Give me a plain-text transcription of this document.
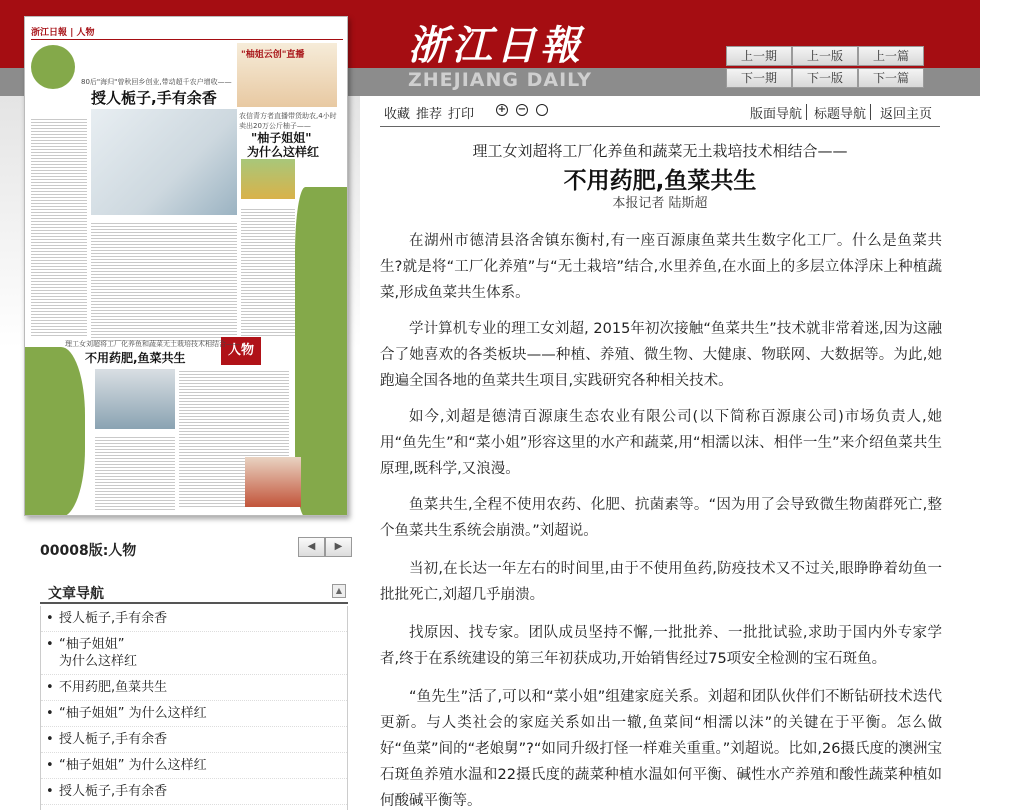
浙江日報
ZHEJIANG DAILY
上一期	上一版	上一篇
下一期	下一版	下一篇
浙江日報 | 人物
80后"海归"曾秋回乡创业,带动超千农户增收——
授人栀子,手有余香
"柚姐云创"直播
农信青方者直播带货助农,4小时卖出20万公斤柚子——
"柚子姐姐"
为什么这样红
人物
理工女刘超将工厂化养鱼和蔬菜无土栽培技术相结合——
不用药肥,鱼菜共生
00008版:人物	◀ ▶
文章导航	▲
• 授人栀子,手有余香
• “柚子姐姐”
为什么这样红
• 不用药肥,鱼菜共生
• “柚子姐姐” 为什么这样红
• 授人栀子,手有余香
• “柚子姐姐” 为什么这样红
• 授人栀子,手有余香
收藏 推荐 打印 + −	版面导航 标题导航 返回主页
理工女刘超将工厂化养鱼和蔬菜无土栽培技术相结合——
不用药肥,鱼菜共生
本报记者 陆斯超

在湖州市德清县洛舍镇东衡村,有一座百源康鱼菜共生数字化工厂。什么是鱼菜共生?就是将“工厂化养殖”与“无土栽培”结合,水里养鱼,在水面上的多层立体浮床上种植蔬菜,形成鱼菜共生体系。

学计算机专业的理工女刘超, 2015年初次接触“鱼菜共生”技术就非常着迷,因为这融合了她喜欢的各类板块——种植、养殖、微生物、大健康、物联网、大数据等。为此,她跑遍全国各地的鱼菜共生项目,实践研究各种相关技术。

如今,刘超是德清百源康生态农业有限公司(以下简称百源康公司)市场负责人,她用“鱼先生”和“菜小姐”形容这里的水产和蔬菜,用“相濡以沫、相伴一生”来介绍鱼菜共生原理,既科学,又浪漫。

鱼菜共生,全程不使用农药、化肥、抗菌素等。“因为用了会导致微生物菌群死亡,整个鱼菜共生系统会崩溃。”刘超说。

当初,在长达一年左右的时间里,由于不使用鱼药,防疫技术又不过关,眼睁睁着幼鱼一批批死亡,刘超几乎崩溃。

找原因、找专家。团队成员坚持不懈,一批批养、一批批试验,求助于国内外专家学者,终于在系统建设的第三年初获成功,开始销售经过75项安全检测的宝石斑鱼。

“鱼先生”活了,可以和“菜小姐”组建家庭关系。刘超和团队伙伴们不断钻研技术迭代更新。与人类社会的家庭关系如出一辙,鱼菜间“相濡以沫”的关键在于平衡。怎么做好“鱼菜”间的“老娘舅”?“如同升级打怪一样难关重重。”刘超说。比如,26摄氏度的澳洲宝石斑鱼养殖水温和22摄氏度的蔬菜种植水温如何平衡、碱性水产养殖和酸性蔬菜种植如何酸碱平衡等。
